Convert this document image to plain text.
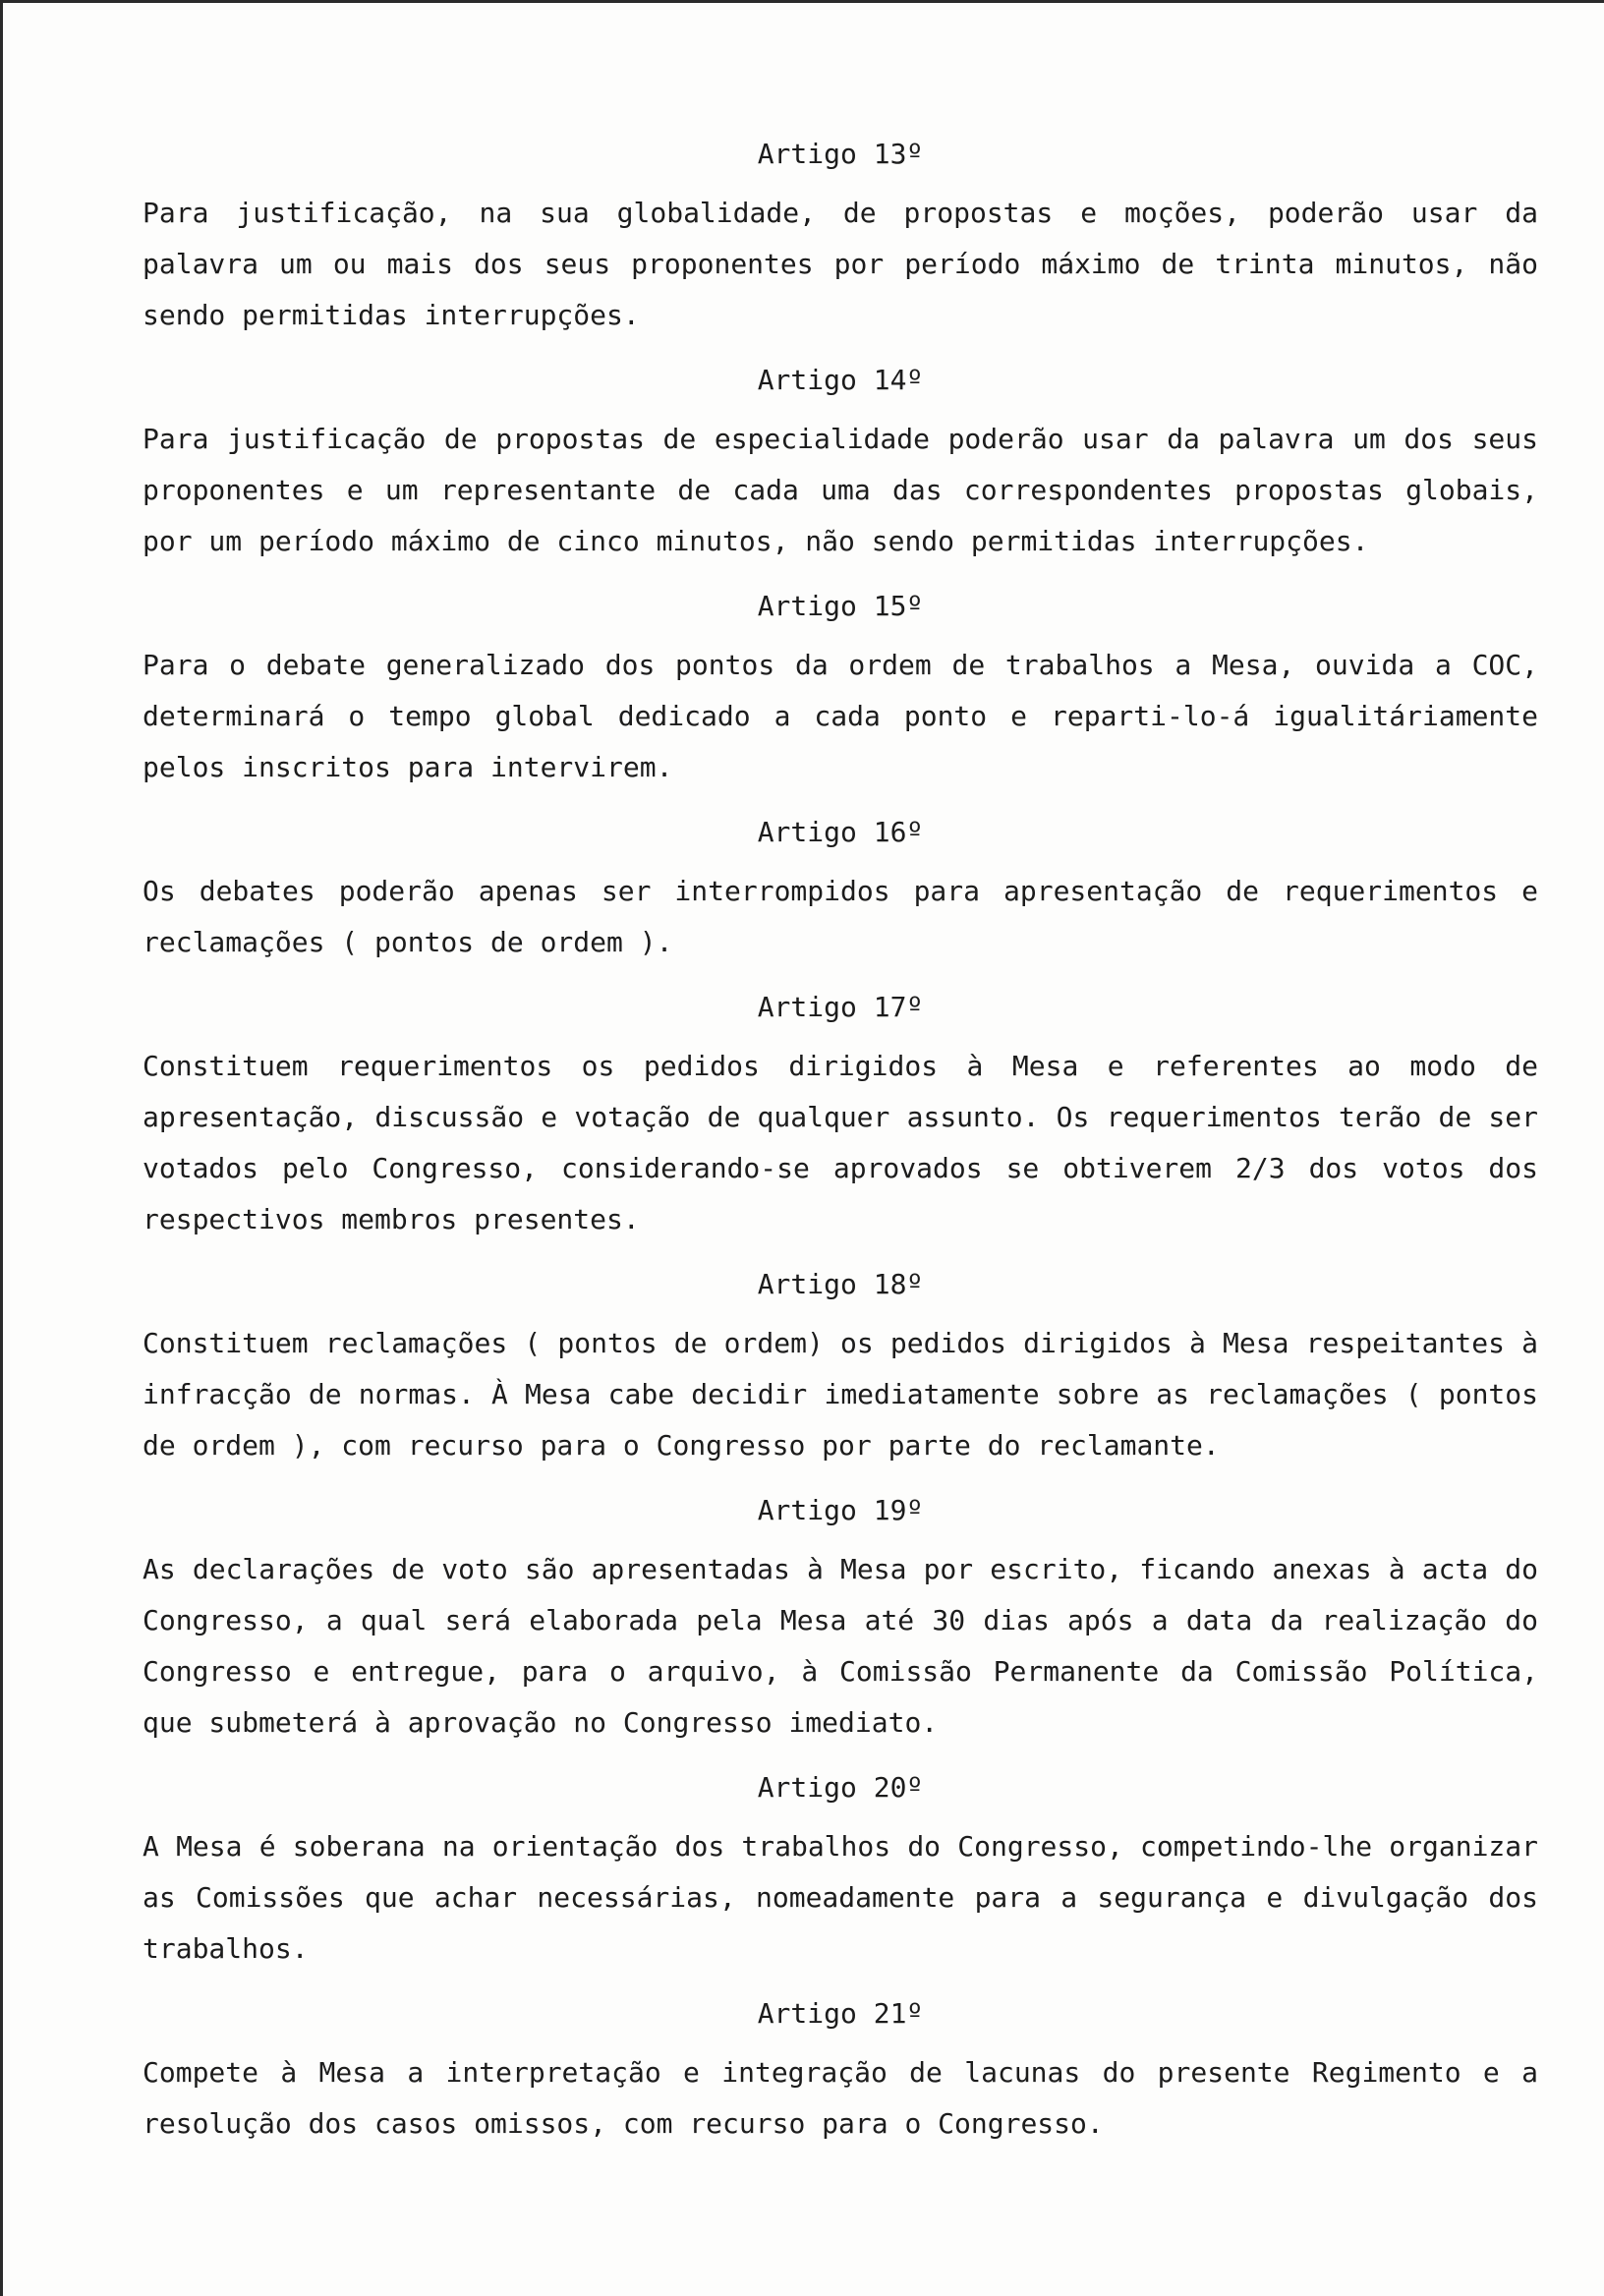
Artigo 13º

Para justificação, na sua globalidade, de propostas e moções, poderão usar da palavra um ou mais dos seus proponentes por período máximo de trinta minutos, não sendo permitidas interrupções.

Artigo 14º

Para justificação de propostas de especialidade poderão usar da palavra um dos seus proponentes e um representante de cada uma das correspondentes propostas globais, por um período máximo de cinco minutos, não sendo permitidas interrupções.

Artigo 15º

Para o debate generalizado dos pontos da ordem de trabalhos a Mesa, ouvida a COC, determinará o tempo global dedicado a cada ponto e reparti-lo-á igualitáriamente pelos inscritos para intervirem.

Artigo 16º

Os debates poderão apenas ser interrompidos para apresentação de requerimentos e reclamações ( pontos de ordem ).

Artigo 17º

Constituem requerimentos os pedidos dirigidos à Mesa e referentes ao modo de apresentação, discussão e votação de qualquer assunto. Os requerimentos terão de ser votados pelo Congresso, considerando-se aprovados se obtiverem 2/3 dos votos dos respectivos membros presentes.

Artigo 18º

Constituem reclamações ( pontos de ordem) os pedidos dirigidos à Mesa respeitantes à infracção de normas. À Mesa cabe decidir imediatamente sobre as reclamações ( pontos de ordem ), com recurso para o Congresso por parte do reclamante.

Artigo 19º

As declarações de voto são apresentadas à Mesa por escrito, ficando anexas à acta do Congresso, a qual será elaborada pela Mesa até 30 dias após a data da realização do Congresso e entregue, para o arquivo, à Comissão Permanente da Comissão Política, que submeterá à aprovação no Congresso imediato.

Artigo 20º

A Mesa é soberana na orientação dos trabalhos do Congresso, competindo-lhe organizar as Comissões que achar necessárias, nomeadamente para a segurança e divulgação dos trabalhos.

Artigo 21º

Compete à Mesa a interpretação e integração de lacunas do presente Regimento e a resolução dos casos omissos, com recurso para o Congresso.
